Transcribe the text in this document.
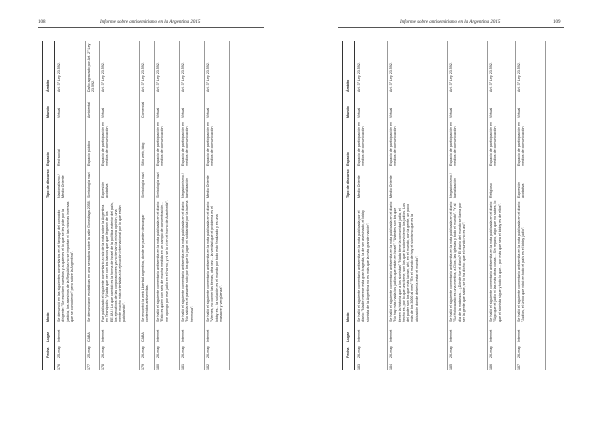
108	Informe sobre antisemitismo en la Argentina 2015
Fecha
Lugar
Modo
Tipo de discurso
Espacio
Mundo
Ámbito
176
25-may
Internet
Se denunció en las siguientes comentarios en el fanpage del conocido dirigente: "Se escriben nuestros y a quienes el lo que se les pide por la justicia, los asesinos de la República no se importan ni las mismas inversas que se conocieron" pero sobre la Argentina".
Nacionalismo / Medio Oriente
Red social
Virtual
Art. 3° Ley 23.592.
177
25-may
CABA
Se denunciaron esvásticas en una senadora sobre la calle Gorostiaga 2058.
Simbología nazi
Espacio público
Ambiental
Daño agravado por Art. 2° Ley 23.592.
178
26-may
Internet
Fue publicado el siguiente comentario a raíz de la nota sobre la Argentina en Tecnópolis: "¡Nada que ver con los barcos que que llegaron de los EE.UU.! Lo que cambió es la forma de Israel de la política exterior del país, los ejecutivos de las corporaciones ya no tenían la misma opinión, una mente mucho más orientada a la ejecución internacional por lo que están publicando".
Expresión acotativa
Espacio de participación en medios de comunicación
Virtual
Art. 3° Ley 23.592.
179
26-may
CABA
Se encontró la web Libertad argentina, donde se pueden descargar contenidos antisemitas.
Simbología nazi
Sitio web, blog
Comercial
Art. 3° Ley 23.592.
180
26-may
Internet
Se halló el siguiente comentario antisemita en la nota publicada en el diario: "Esto es quien con seis de mucha medida en un campo de concentración... me opongo por ese judío en el horno, y ni se lo vi en el horno de Auschwitz".
Simbología nazi
Espacio de participación en medios de comunicación
Virtual
Art. 3° Ley 23.592.
181
26-may
Internet
Se halló el siguiente comentario antisemita en la nota publicada en el diario: "No sabía es el pasante solo por los que lo jugar mi solidaridad por la buena hermosa".
Negacionismo / banalización
Espacio de participación en medios de comunicación
Virtual
Art. 3° Ley 23.592.
182
26-may
Internet
Se halló el siguiente comentario antisemita en la nota publicada en el diario: "Viernes, no comer las tierras, otra vez... la verdad que el problema es el lobby es... la solución es el mundo por todo esto finalizado y es una masacre y vergüenza".
Medio Oriente
Espacio de participación en medios de comunicación
Virtual
Art. 3° Ley 23.592.
Informe sobre antisemitismo en la Argentina 2015	109
Fecha
Lugar
Modo
Tipo de discurso
Espacio
Mundo
Ámbito
183
26-may
Internet
Se halló el siguiente comentario antisemita en la nota publicada por el diario: "Nadie merece esta gran tragedia, la de ser asesinado, el lobby sionista de la Argentina no es más que la más grande nación".
Medio Oriente
Espacio de participación en medios de comunicación
Virtual
Art. 3° Ley 23.592.
184
26-may
Internet
Se halló el siguiente comentario antisemita en la nota publicada en el diario: "No hay más nada los judíos que están en Israel". "Ustedes son los que tienen la historia que a los sionistas" "Nada tiene la comunidad judía, el hecho es, por lo que uno tiene, son los que lo sobrevivieron los judíos. Los del poder son los que más lucran, ahí, en el mundo, con la gente, un poco más de los 3000 al mes" "En el mundo de hoy el sionismo que es la ubicación donde debería estar el mundo".
Medio Oriente
Espacio de participación en medios de comunicación
Virtual
Art. 3° Ley 23.592.
185
26-may
Internet
Se halló el siguiente comentario antisemita en la nota publicada en el diario: "Su Holocausto es una mentira, a Dios, las iglesias y todo el mundo". "Y al día de la matanza... ¿Dónde fue el diario? El diario del mundo se llama por ser la gente que sabe, se lo ha dicho: que el mundo no es así".
Negacionismo / banalización
Espacio de participación en medios de comunicación
Virtual
Art. 3° Ley 23.592.
186
26-may
Internet
Se halló el siguiente comentario antisemita en la nota publicada en el diario: "Sigo que el judío ni las más otras cosas... Sin reparo, algo que no sabes, lo que el sionista sigue y todo lo que... por más que sea el lobby es de ellos".
Religioso
Espacio de participación en medios de comunicación
Virtual
Art. 3° Ley 23.592.
187
26-may
Internet
Se halló el siguiente comentario antisemita en la nota publicada en el diario: "Judíos, el único que robó en todo el país es el lobby judío".
Expresión acotativa
Espacio de participación en medios de comunicación
Virtual
Art. 3° Ley 23.592.
